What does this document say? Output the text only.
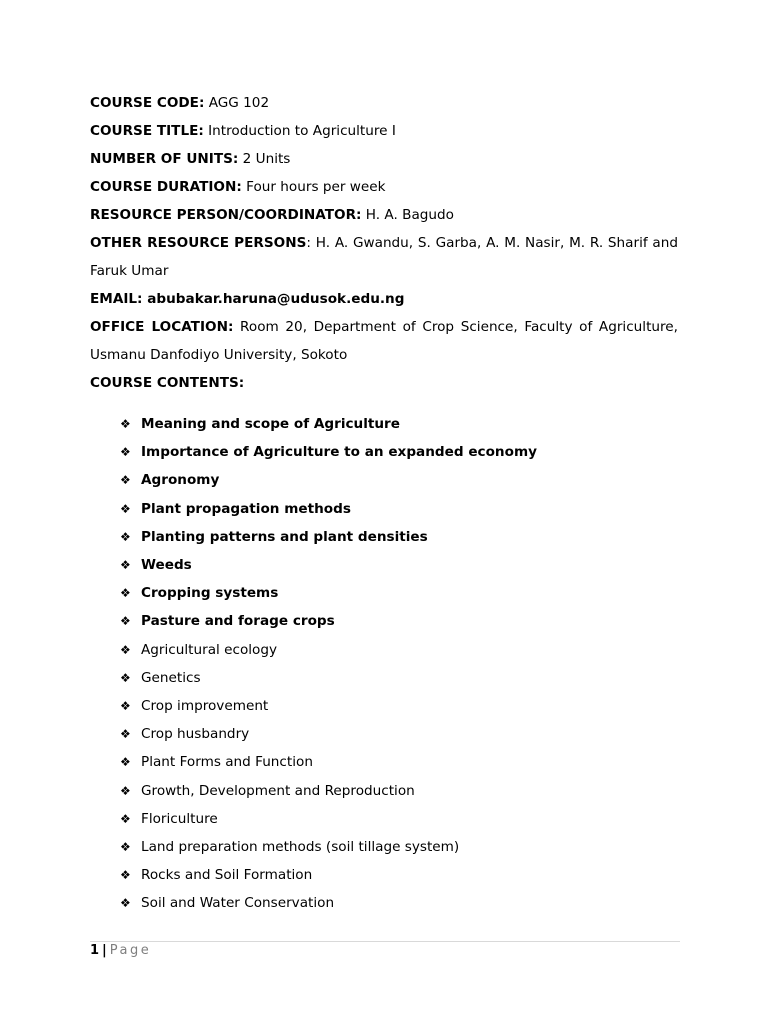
COURSE CODE: AGG 102
COURSE TITLE: Introduction to Agriculture I
NUMBER OF UNITS: 2 Units
COURSE DURATION: Four hours per week
RESOURCE PERSON/COORDINATOR: H. A. Bagudo
OTHER RESOURCE PERSONS: H. A. Gwandu, S. Garba, A. M. Nasir, M. R. Sharif and
Faruk Umar
EMAIL: abubakar.haruna@udusok.edu.ng
OFFICE LOCATION: Room 20, Department of Crop Science, Faculty of Agriculture,
Usmanu Danfodiyo University, Sokoto
COURSE CONTENTS:
❖ Meaning and scope of Agriculture
❖ Importance of Agriculture to an expanded economy
❖ Agronomy
❖ Plant propagation methods
❖ Planting patterns and plant densities
❖ Weeds
❖ Cropping systems
❖ Pasture and forage crops
❖ Agricultural ecology
❖ Genetics
❖ Crop improvement
❖ Crop husbandry
❖ Plant Forms and Function
❖ Growth, Development and Reproduction
❖ Floriculture
❖ Land preparation methods (soil tillage system)
❖ Rocks and Soil Formation
❖ Soil and Water Conservation
1 | Page
